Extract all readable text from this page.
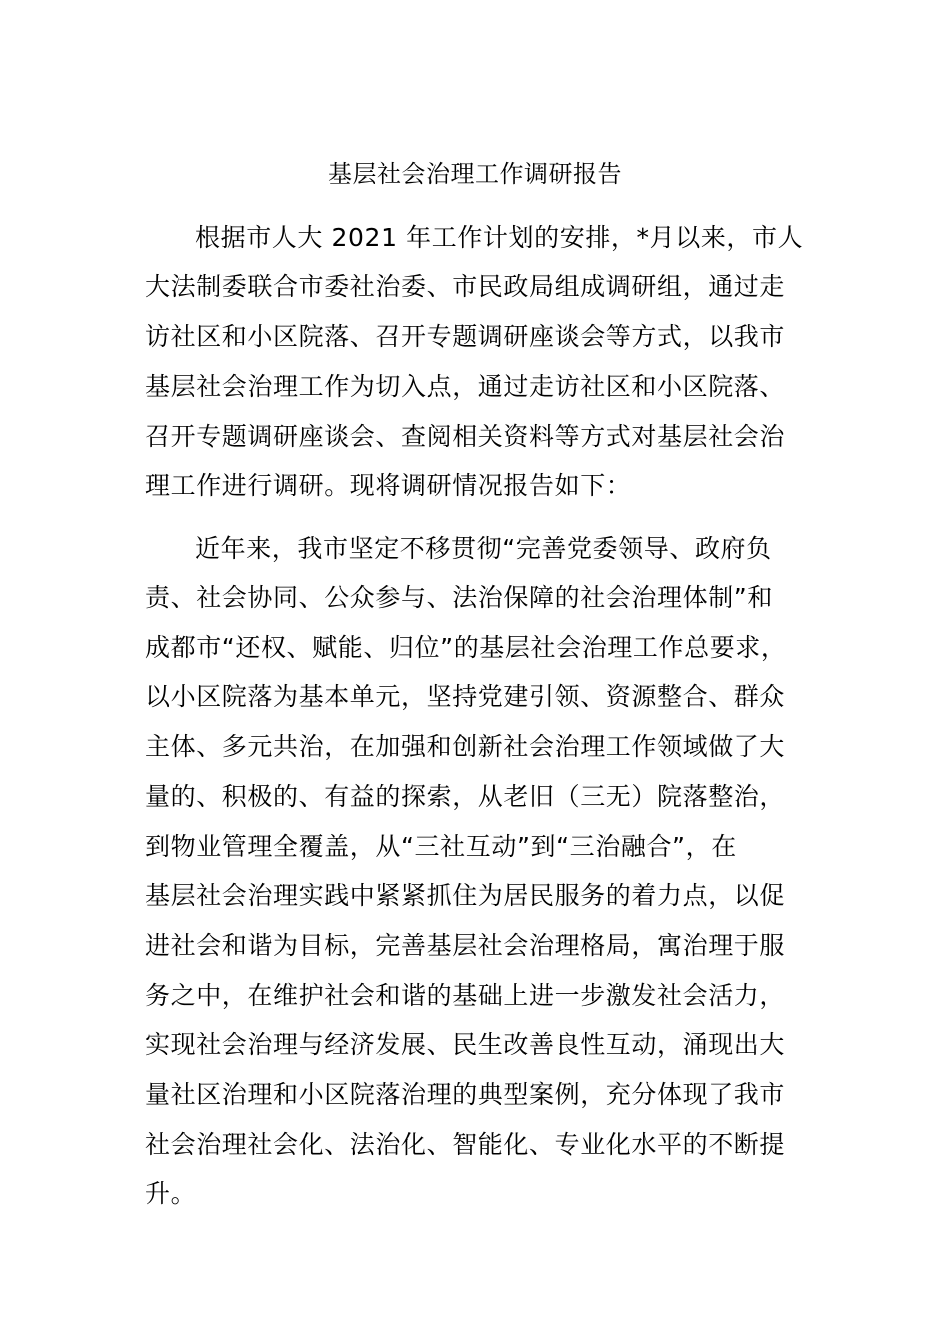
基层社会治理工作调研报告
根据市人大 2021 年工作计划的安排，*月以来，市人
大法制委联合市委社治委、市民政局组成调研组，通过走
访社区和小区院落、召开专题调研座谈会等方式，以我市
基层社会治理工作为切入点，通过走访社区和小区院落、
召开专题调研座谈会、查阅相关资料等方式对基层社会治
理工作进行调研。现将调研情况报告如下：
近年来，我市坚定不移贯彻“完善党委领导、政府负
责、社会协同、公众参与、法治保障的社会治理体制”和
成都市“还权、赋能、归位”的基层社会治理工作总要求，
以小区院落为基本单元，坚持党建引领、资源整合、群众
主体、多元共治，在加强和创新社会治理工作领域做了大
量的、积极的、有益的探索，从老旧（三无）院落整治，
到物业管理全覆盖，从“三社互动”到“三治融合”，在
基层社会治理实践中紧紧抓住为居民服务的着力点，以促
进社会和谐为目标，完善基层社会治理格局，寓治理于服
务之中，在维护社会和谐的基础上进一步激发社会活力，
实现社会治理与经济发展、民生改善良性互动，涌现出大
量社区治理和小区院落治理的典型案例，充分体现了我市
社会治理社会化、法治化、智能化、专业化水平的不断提
升。
